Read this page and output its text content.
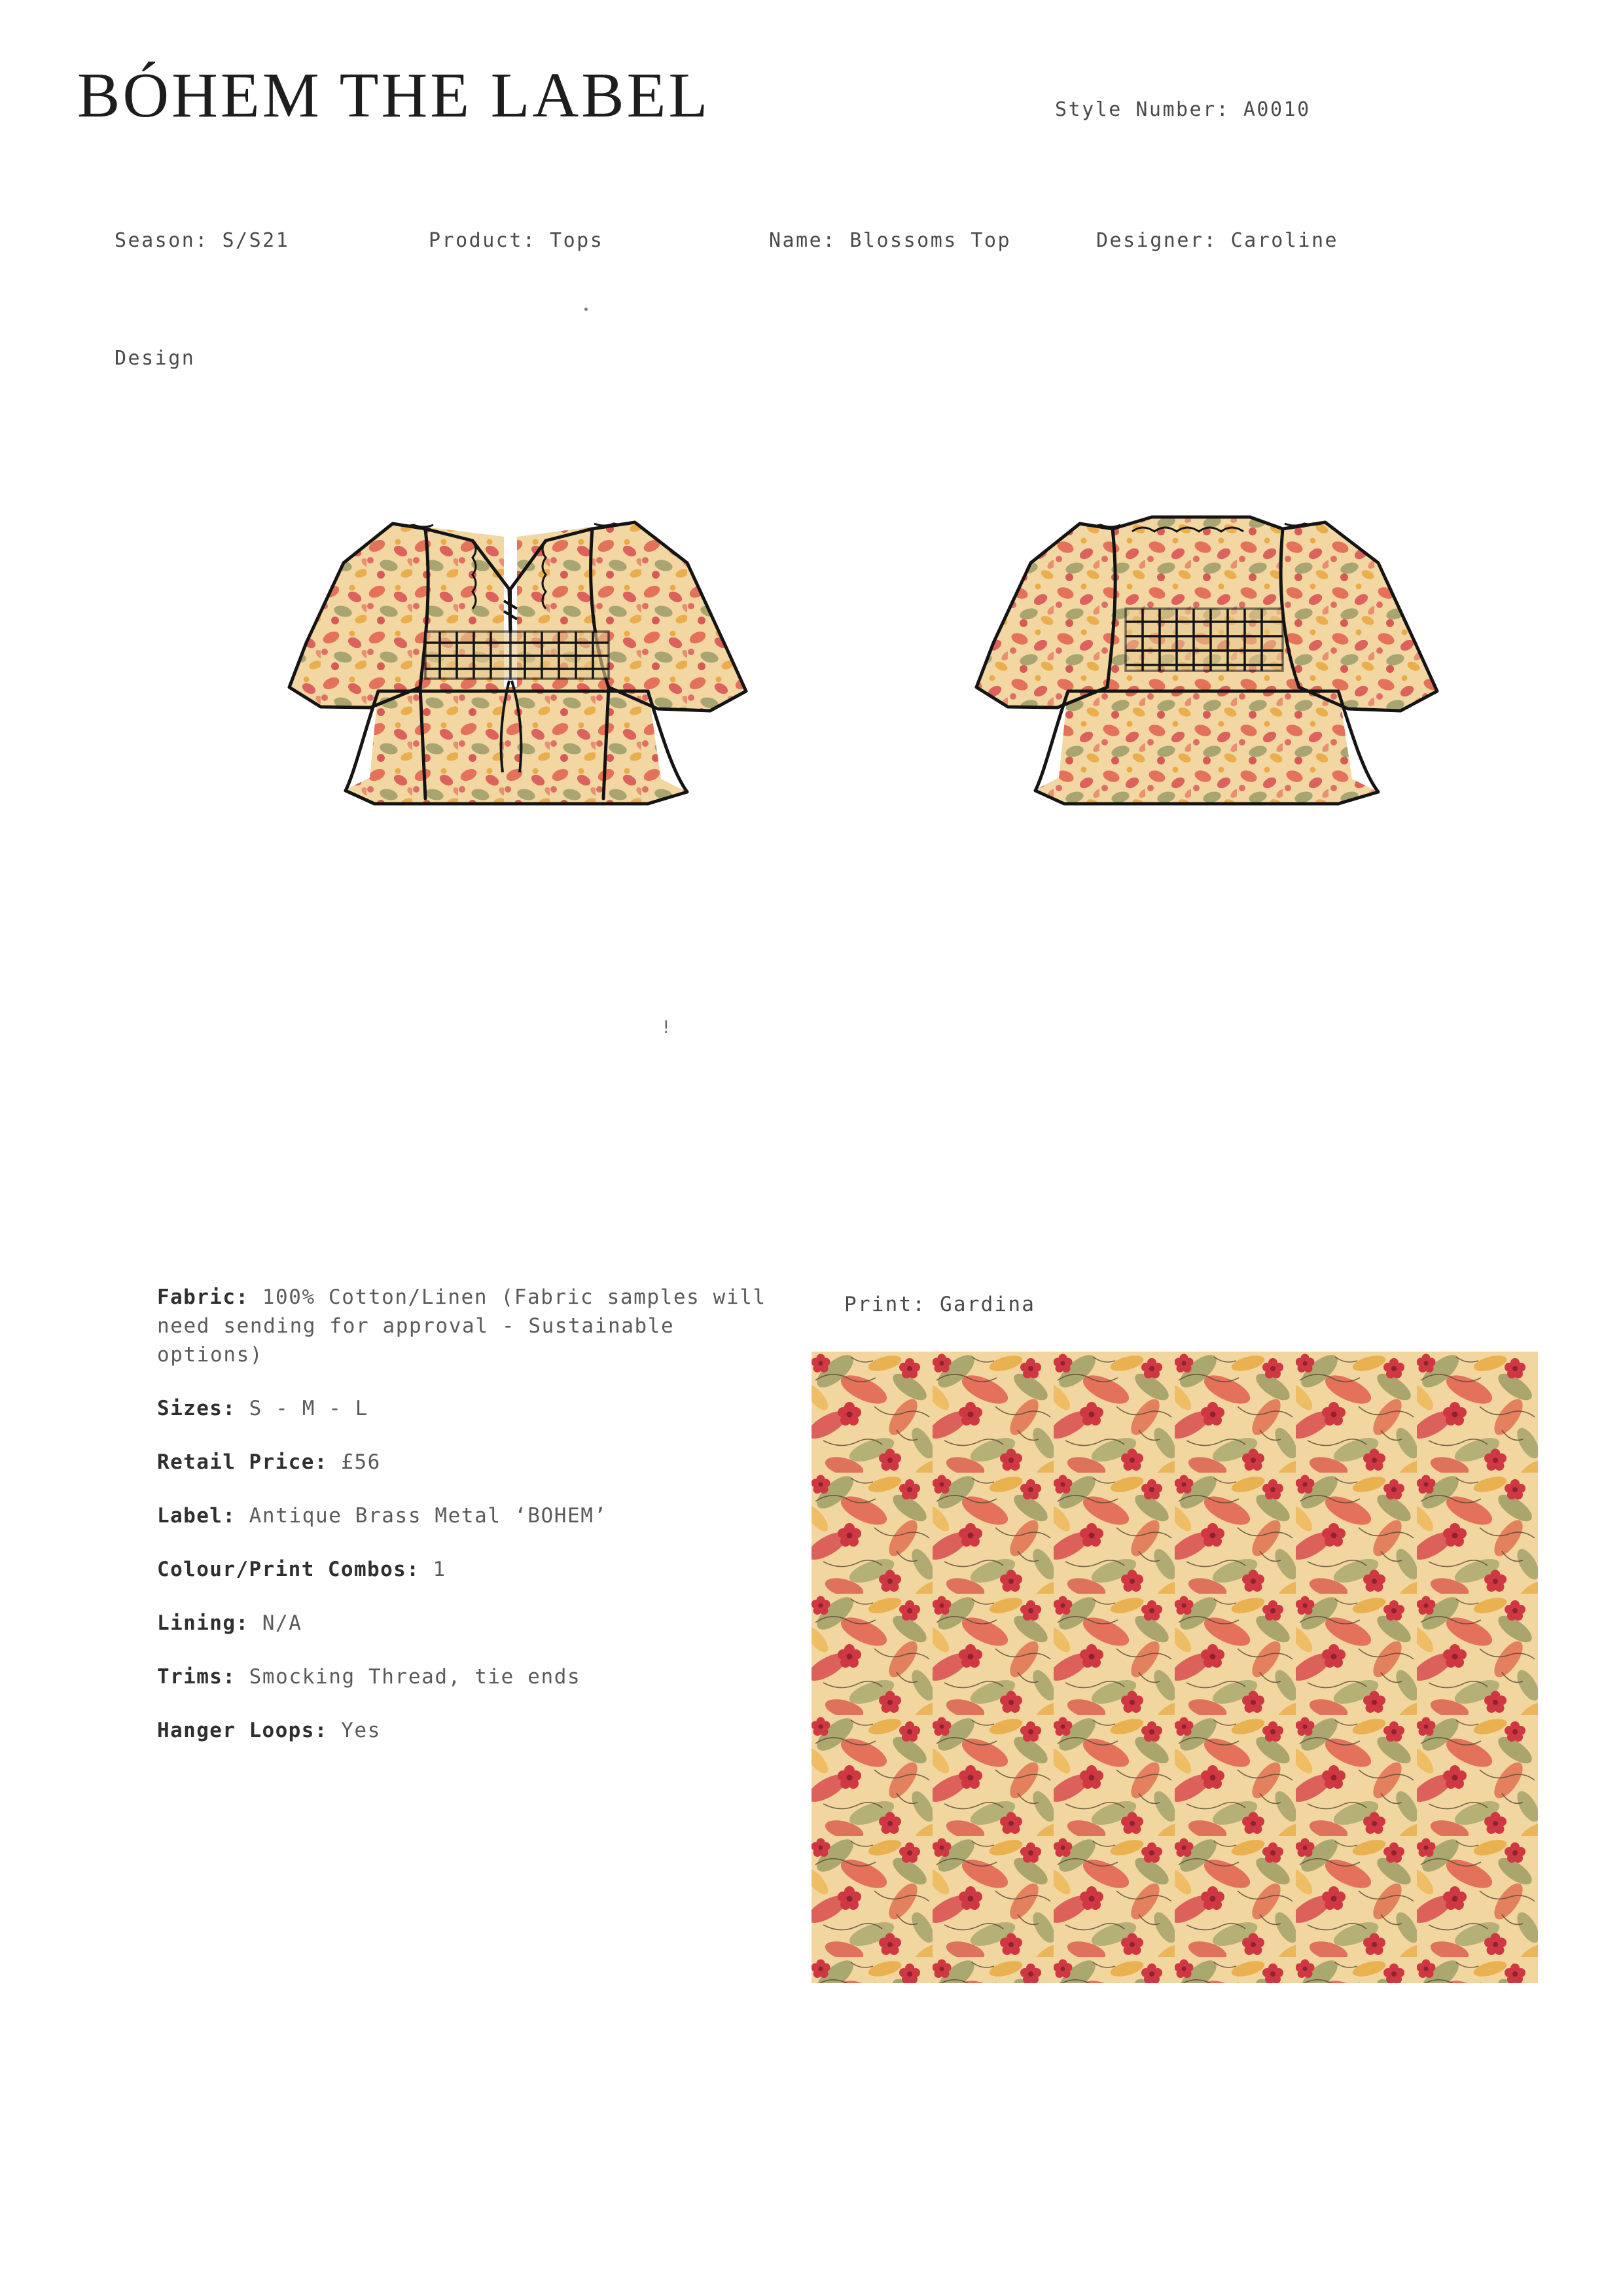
BÓHEM THE LABEL	Style Number: A0010
Season: S/S21	Product: Tops	Name: Blossoms Top	Designer: Caroline
Design
!
Fabric: 100% Cotton/Linen (Fabric samples will need sending for approval - Sustainable options)
Sizes: S - M - L
Retail Price: £56
Label: Antique Brass Metal ‘BOHEM’
Colour/Print Combos: 1
Lining: N/A
Trims: Smocking Thread, tie ends
Hanger Loops: Yes
Print: Gardina
